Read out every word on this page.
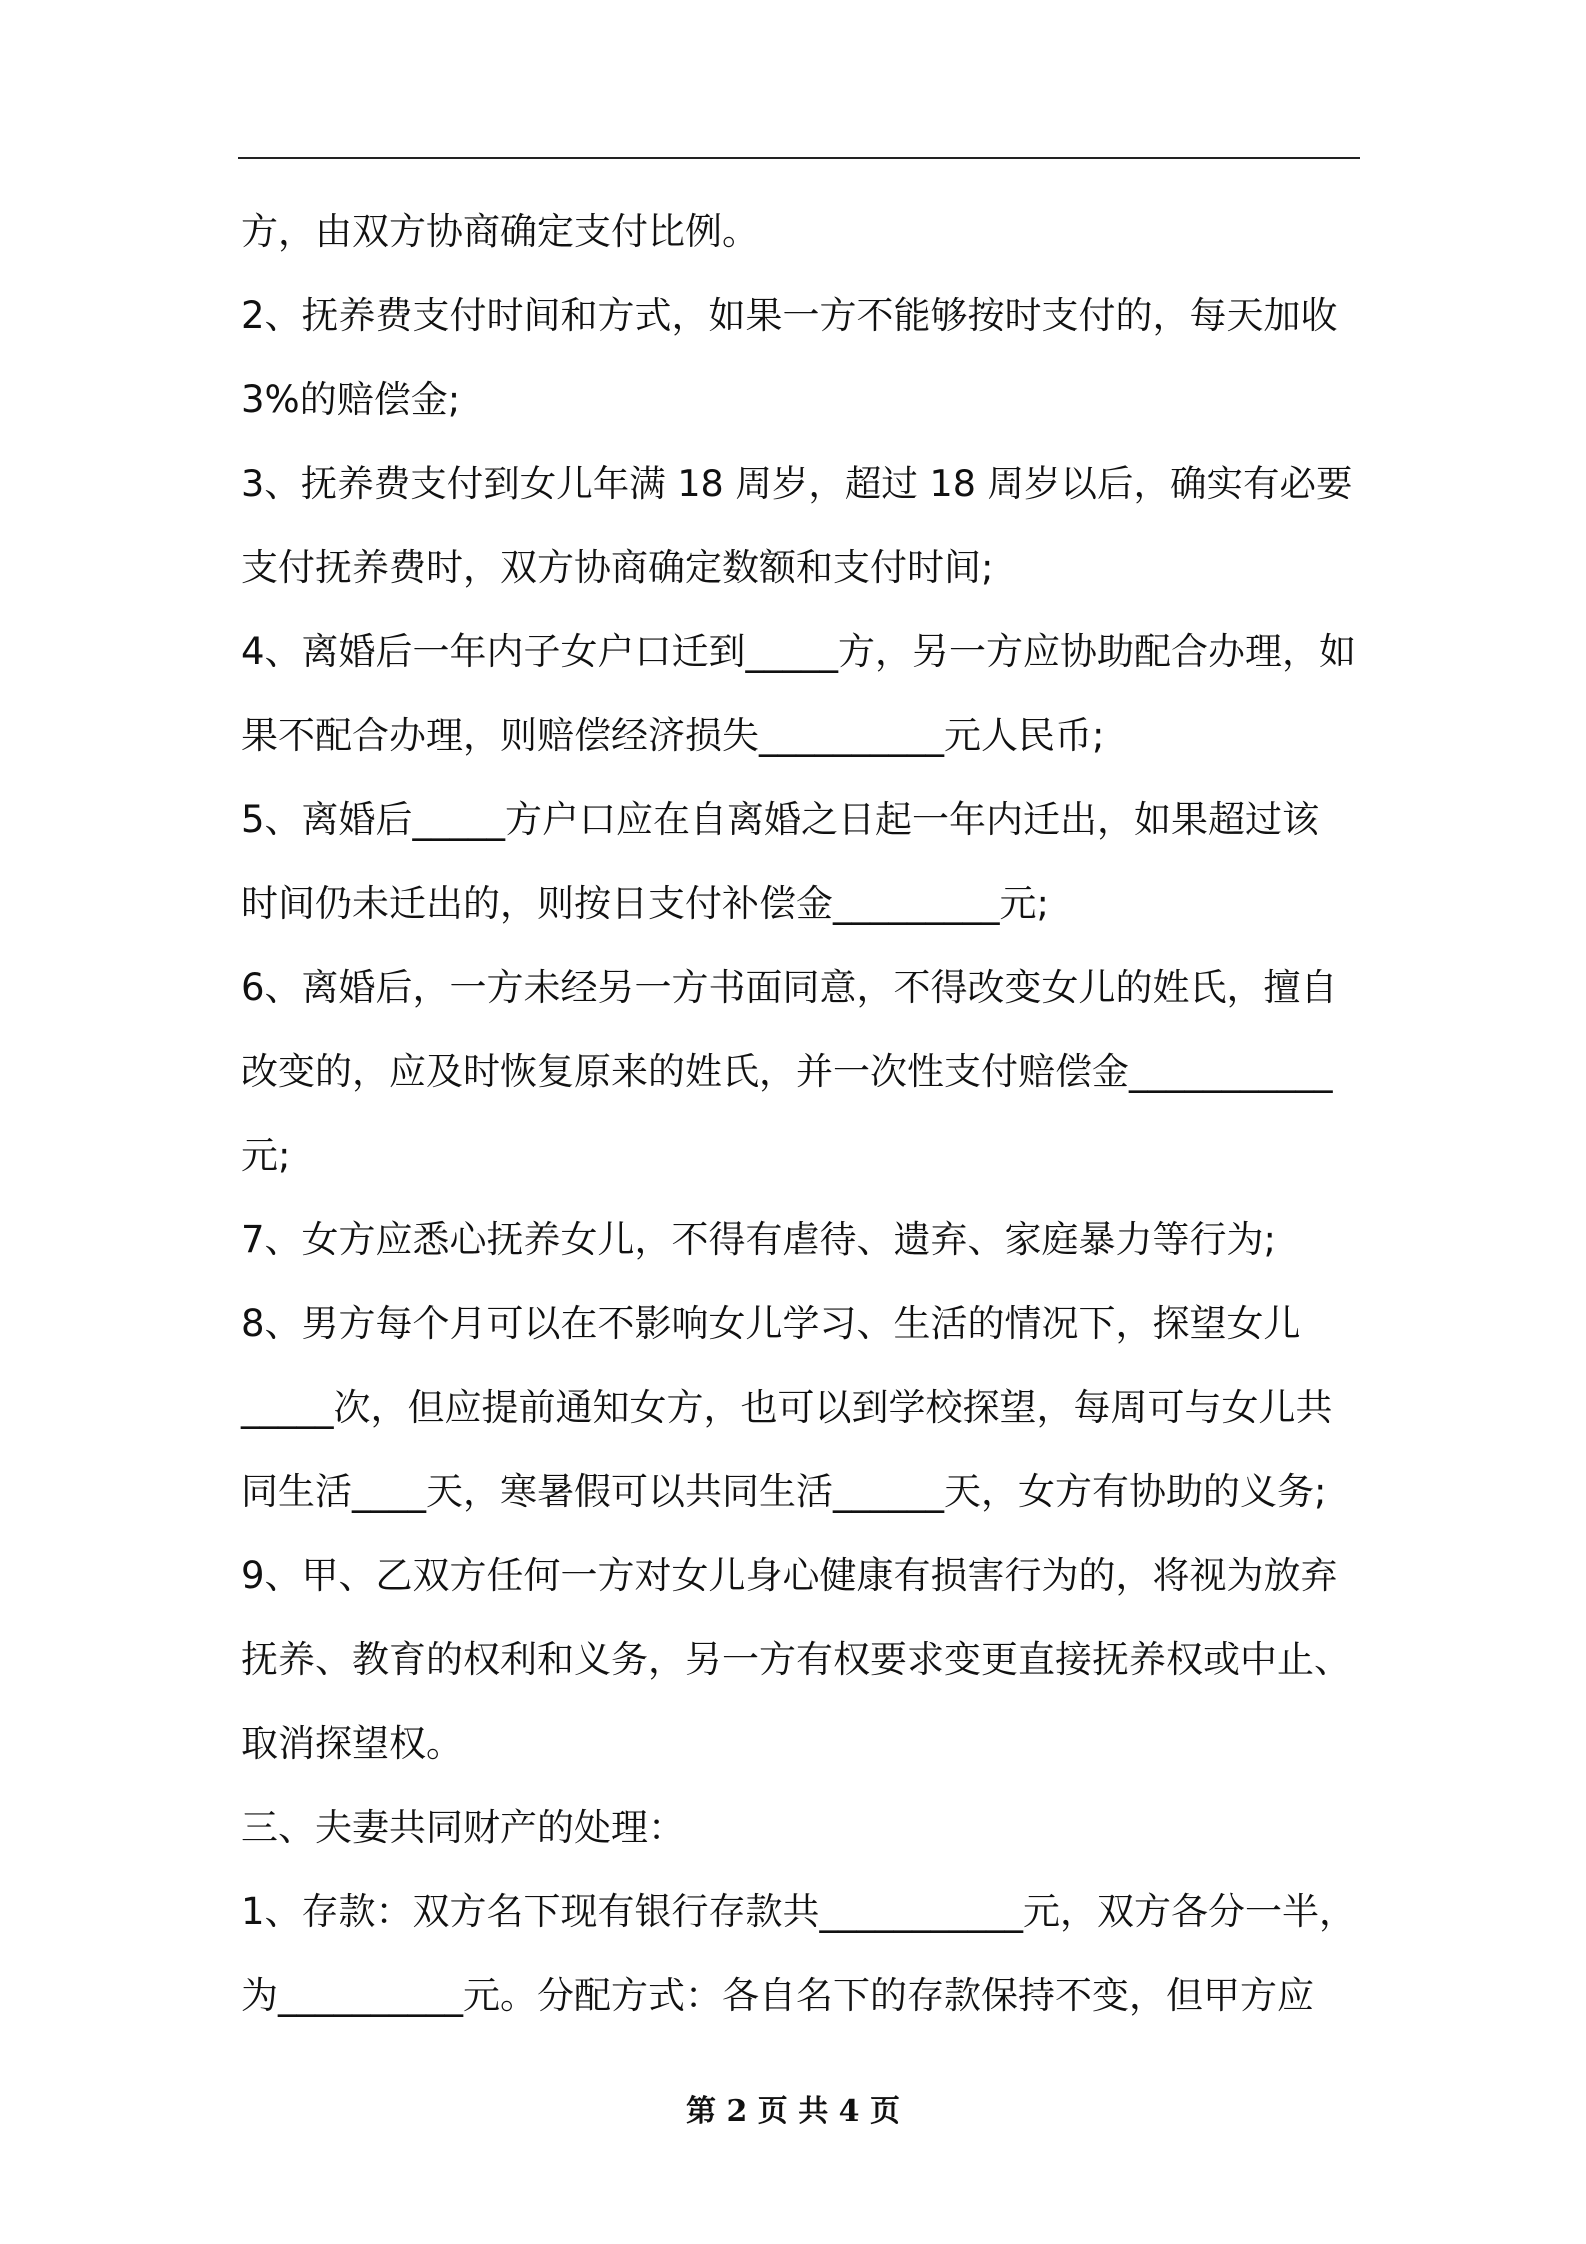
方，由双方协商确定支付比例。
2、抚养费支付时间和方式，如果一方不能够按时支付的，每天加收
3%的赔偿金;
3、抚养费支付到女儿年满 18 周岁，超过 18 周岁以后，确实有必要
支付抚养费时，双方协商确定数额和支付时间;
4、离婚后一年内子女户口迁到_____方，另一方应协助配合办理，如
果不配合办理，则赔偿经济损失__________元人民币;
5、离婚后_____方户口应在自离婚之日起一年内迁出，如果超过该
时间仍未迁出的，则按日支付补偿金_________元;
6、离婚后，一方未经另一方书面同意，不得改变女儿的姓氏，擅自
改变的，应及时恢复原来的姓氏，并一次性支付赔偿金___________
元;
7、女方应悉心抚养女儿，不得有虐待、遗弃、家庭暴力等行为;
8、男方每个月可以在不影响女儿学习、生活的情况下，探望女儿
_____次，但应提前通知女方，也可以到学校探望，每周可与女儿共
同生活____天，寒暑假可以共同生活______天，女方有协助的义务;
9、甲、乙双方任何一方对女儿身心健康有损害行为的，将视为放弃
抚养、教育的权利和义务，另一方有权要求变更直接抚养权或中止、
取消探望权。
三、夫妻共同财产的处理：
1、存款：双方名下现有银行存款共___________元，双方各分一半，
为__________元。分配方式：各自名下的存款保持不变，但甲方应
第 2 页 共 4 页
